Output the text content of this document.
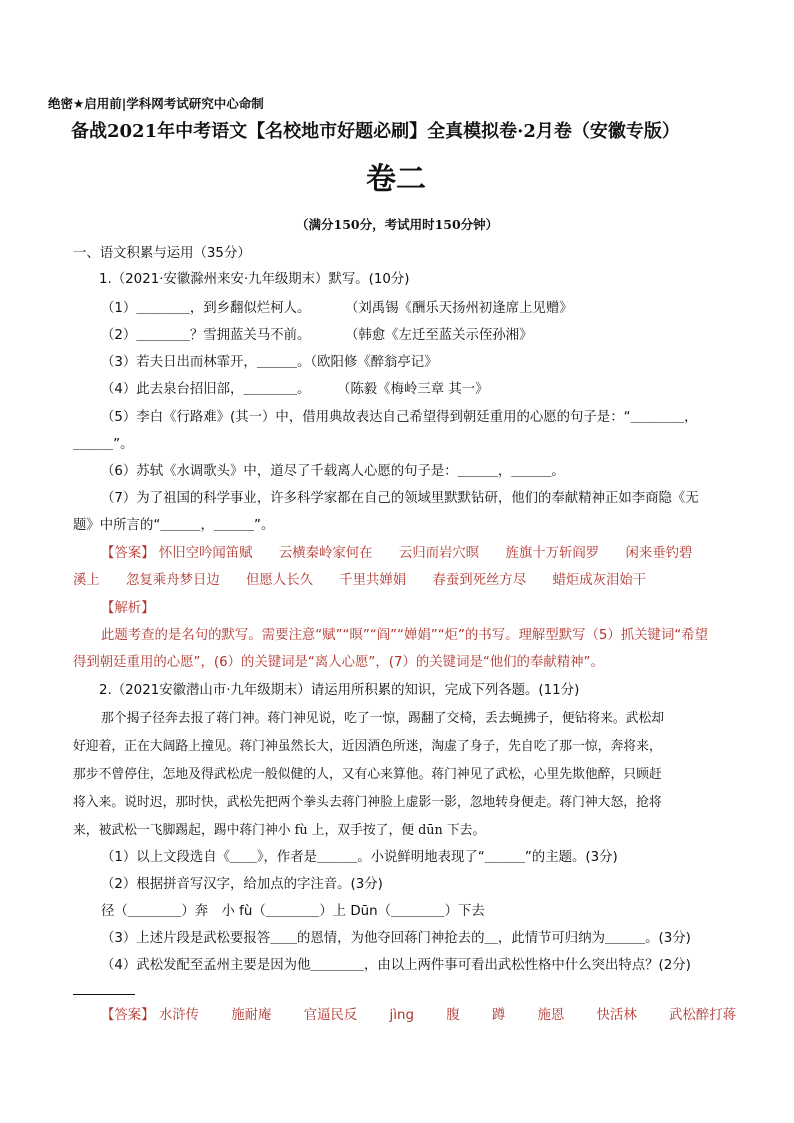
绝密★启用前|学科网考试研究中心命制
备战2021年中考语文【名校地市好题必刷】全真模拟卷·2月卷（安徽专版）
卷二
（满分150分，考试用时150分钟）
一、语文积累与运用（35分）
1.（2021·安徽滁州来安·九年级期末）默写。(10分)
（1）＿＿＿＿，到乡翻似烂柯人。	（刘禹锡《酬乐天扬州初逢席上见赠》
（2）＿＿＿＿？雪拥蓝关马不前。	（韩愈《左迁至蓝关示侄孙湘》
（3）若夫日出而林霏开，＿＿＿。（欧阳修《醉翁亭记》
（4）此去泉台招旧部，＿＿＿＿。 （陈毅《梅岭三章 其一》
（5）李白《行路难》(其一）中，借用典故表达自己希望得到朝廷重用的心愿的句子是：“＿＿＿＿，
＿＿＿”。
（6）苏轼《水调歌头》中，道尽了千载离人心愿的句子是：＿＿＿，＿＿＿。
（7）为了祖国的科学事业，许多科学家都在自己的领域里默默钻研，他们的奉献精神正如李商隐《无
题》中所言的“＿＿＿，＿＿＿”。
【答案】 怀旧空吟闻笛赋 云横秦岭家何在 云归而岩穴暝 旌旗十万斩阎罗 闲来垂钓碧
溪上 忽复乘舟梦日边 但愿人长久 千里共婵娟 春蚕到死丝方尽 蜡炬成灰泪始干
【解析】
此题考查的是名句的默写。需要注意“赋”“暝”“阎”“婵娟”“炬”的书写。理解型默写（5）抓关键词“希望
得到朝廷重用的心愿”，(6）的关键词是“离人心愿”，(7）的关键词是“他们的奉献精神”。
2.（2021安徽潜山市·九年级期末）请运用所积累的知识，完成下列各题。(11分)
那个揭子径奔去报了蒋门神。蒋门神见说，吃了一惊，踢翻了交椅，丢去蝇拂子，便钻将来。武松却
好迎着，正在大阔路上撞见。蒋门神虽然长大，近因酒色所迷，淘虚了身子，先自吃了那一惊，奔将来，
那步不曾停住，怎地及得武松虎一般似健的人，又有心来算他。蒋门神见了武松，心里先欺他醉，只顾赶
将入来。说时迟，那时快，武松先把两个拳头去蒋门神脸上虚影一影，忽地转身便走。蒋门神大怒，抢将
来，被武松一飞脚踢起，踢中蒋门神小 fù 上，双手按了，便 dūn 下去。
（1）以上文段选自《＿＿》，作者是＿＿＿。小说鲜明地表现了“＿＿＿”的主题。(3分)
（2）根据拼音写汉字，给加点的字注音。(3分)
径（＿＿＿＿）奔　小 fù（＿＿＿＿）上 Dūn（＿＿＿＿）下去
（3）上述片段是武松要报答＿＿的恩情，为他夺回蒋门神抢去的＿，此情节可归纳为＿＿＿。(3分)
（4）武松发配至孟州主要是因为他＿＿＿＿，由以上两件事可看出武松性格中什么突出特点？(2分)
【答案】 水浒传 施耐庵 官逼民反 jìng 腹 蹲 施恩 快活林 武松醉打蒋
